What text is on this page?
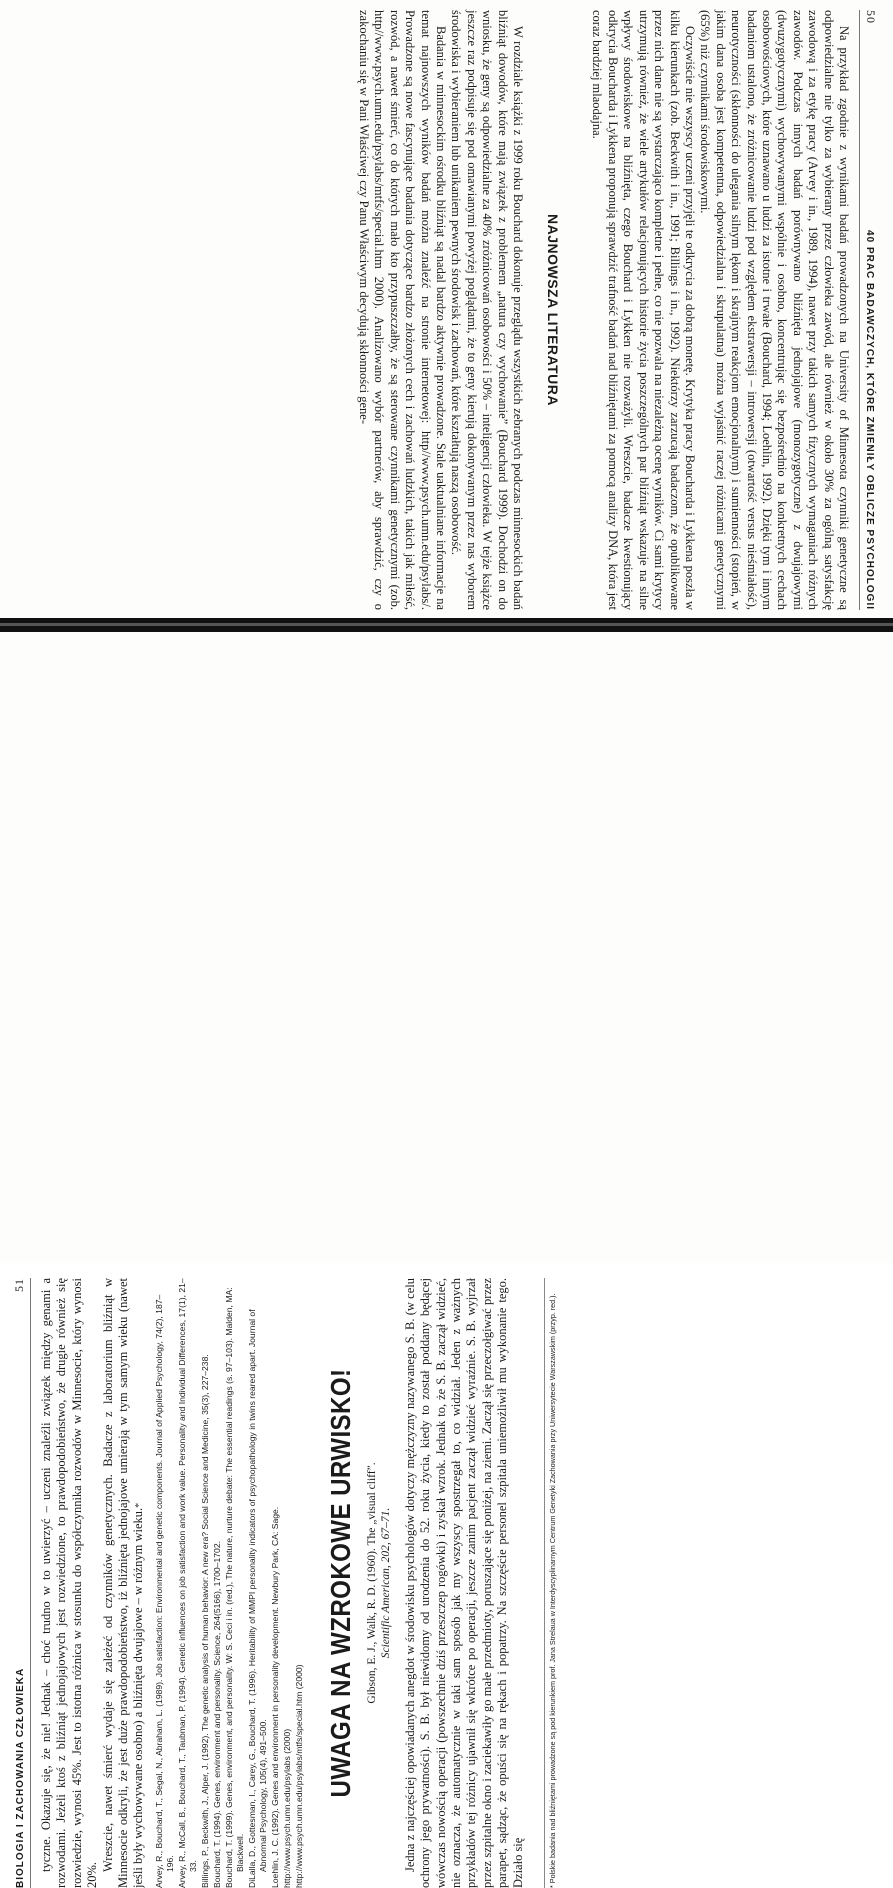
50
40 PRAC BADAWCZYCH, KTÓRE ZMIENIŁY OBLICZE PSYCHOLOGII

Na przykład zgodnie z wynikami badań prowadzonych na University of Minnesota czynniki genetyczne są odpowiedzialne nie tylko za wybierany przez człowieka zawód, ale również w około 30% za ogólną satysfakcję zawodową i za etykę pracy (Arvey i in., 1989, 1994), nawet przy takich samych fizycznych wymaganiach różnych zawodów. Podczas innych badań porównywano bliźnięta jednojajowe (monozygotyczne) z dwujajowymi (dwuzygotycznymi) wychowywanymi wspólnie i osobno, koncentrując się bezpośrednio na konkretnych cechach osobowościowych, które uznawano u ludzi za istotne i trwałe (Bouchard, 1994; Loehlin, 1992). Dzięki tym i innym badaniom ustalono, że zróżnicowanie ludzi pod względem ekstrawersji – introwersji (otwartość versus nieśmiałość), neurotyczności (skłonności do ulegania silnym lękom i skrajnym reakcjom emocjonalnym) i sumienności (stopień, w jakim dana osoba jest kompetentna, odpowiedzialna i skrupulatna) można wyjaśnić raczej różnicami genetycznymi (65%) niż czynnikami środowiskowymi.

Oczywiście nie wszyscy uczeni przyjęli te odkrycia za dobrą monetę. Krytyka pracy Boucharda i Lykkena poszła w kilku kierunkach (zob. Beckwith i in., 1991; Billings i in., 1992). Niektórzy zarzucają badaczom, że opublikowane przez nich dane nie są wystarczająco kompletne i pełne, co nie pozwala na niezależną ocenę wyników. Ci sami krytycy utrzymują również, że wiele artykułów relacjonujących historie życia poszczególnych par bliźniąt wskazuje na silne wpływy środowiskowe na bliźnięta, czego Bouchard i Lykken nie rozważyli. Wreszcie, badacze kwestionujący odkrycia Boucharda i Lykkena proponują sprawdzić trafność badań nad bliźniętami za pomocą analizy DNA, która jest coraz bardziej mlaodajna.

NAJNOWSZA LITERATURA

W rozdziale książki z 1999 roku Bouchard dokonuje przeglądu wszystkich zebranych podczas minnesockich badań bliźniąt dowodów, które mają związek z problemem „natura czy wychowanie” (Bouchard 1999). Dochodzi on do wniosku, że geny są odpowiedzialne za 40% zróżnicowań osobowości i 50% – inteligencji człowieka. W tejże książce jeszcze raz podpisuje się pod omawianymi powyżej poglądami, że to geny kierują dokonywanym przez nas wyborem środowiska i wybieraniem lub unikaniem pewnych środowisk i zachowań, które kształtują naszą osobowość.

Badania w minnesockim ośrodku bliźniąt są nadal bardzo aktywnie prowadzone. Stale uaktualniane informacje na temat najnowszych wyników badań można znaleźć na stronie internetowej: http//www.psych.umn.edu/psylabs/. Prowadzone są nowe fascynujące badania dotyczące bardzo złożonych cech i zachowań ludzkich, takich jak miłość, rozwód, a nawet śmierć, co do których mało kto przypuszczałby, że są sterowane czynnikami genetycznymi (zob. http//www.psych.umn.edu/psylabs/mtfs/special.htm 2000). Analizowano wybór partnerów, aby sprawdzić, czy o zakochaniu się w Pani Właściwej czy Panu Właściwym decydują skłonności gene-

BIOLOGIA I ZACHOWANIA CZŁOWIEKA
51 tyczne. Okazuje się, że nie! Jednak – choć trudno w to uwierzyć – uczeni znaleźli związek między genami a rozwodami. Jeżeli ktoś z bliźniąt jednojajowych jest rozwiedzione, to prawdopodobieństwo, że drugie również się rozwiedzie, wynosi 45%. Jest to istotna różnica w stosunku do współczynnika rozwodów w Minnesocie, który wynosi 20%.

Wreszcie, nawet śmierć wydaje się zależeć od czynników genetycznych. Badacze z laboratorium bliźniąt w Minnesocie odkryli, że jest duże prawdopodobieństwo, iż bliźnięta jednojajowe umierają w tym samym wieku (nawet jeśli były wychowywane osobno) a bliźnięta dwujajowe – w różnym wieku.* Arvey, R., Bouchard, T., Segal, N., Abraham, L. (1989). Job satisfaction: Environmental and genetic components. Journal of Applied Psychology, 74(2), 187–196. Arvey, R., McCall, B., Bouchard, T., Taubman, P. (1994). Genetic influences on job satisfaction and work value. Personality and Individual Differences, 17(1), 21–33. Billings, P., Beckwith, J., Alper, J. (1992). The genetic analysis of human behavior: A new era? Social Science and Medicine, 35(3), 227–238. Bouchard, T. (1994). Genes, environment and personality. Science, 264(5166), 1700–1702. Bouchard, T. (1999). Genes, environment, and personality. W: S. Ceci i in. (red.), The nature, nurture debate: The essential readings (s. 97–103). Malden, MA: Blackwell. DiLalla, D., Gottesman, I., Carey, G., Bouchard, T. (1996). Heritability of MMPI personality indicators of psychopathology in twins reared apart. Journal of Abnormal Psychology, 105(4), 491–500. Loehlin, J. C. (1992). Genes and environment in personality development. Newbury Park, CA: Sage. http://www.psych.umn.edu/psylabs (2000) http://www.psych.umn.edu/psylabs/mtfs/special.htm (2000) UWAGA NA WZROKOWE URWISKO! Gibson, E. J., Walk, R. D. (1960). The „visual cliff”. Scientific American, 202, 67–71. Jedna z najczęściej opowiadanych anegdot w środowisku psychologów dotyczy mężczyzny nazywanego S. B. (w celu ochrony jego prywatności). S. B. był niewidomy od urodzenia do 52. roku życia, kiedy to został poddany będącej wówczas nowością operacji (powszechnie dziś przeszczep rogówki) i zyskał wzrok. Jednak to, że S. B. zaczął widzieć, nie oznacza, że automatycznie w taki sam sposób jak my wszyscy spostrzegał to, co widział. Jeden z ważnych przykładów tej różnicy ujawnił się wkrótce po operacji, jeszcze zanim pacjent zaczął widzieć wyraźnie. S. B. wyjrzał przez szpitalne okno i zaciekawiły go małe przedmioty, poruszające się poniżej, na ziemi. Zaczął się przeczołgiwać przez parapet, sądząc, że opuści się na rękach i popatrzy. Na szczęście personel szpitala uniemożliwił mu wykonanie tego. Działo się	* Polskie badania nad bliźniętami prowadzone są pod kierunkiem prof. Jana Strelaua w Interdyscyplinarnym Centrum Genetyki Zachowania przy Uniwersytecie Warszawskim (przyp. red.).
